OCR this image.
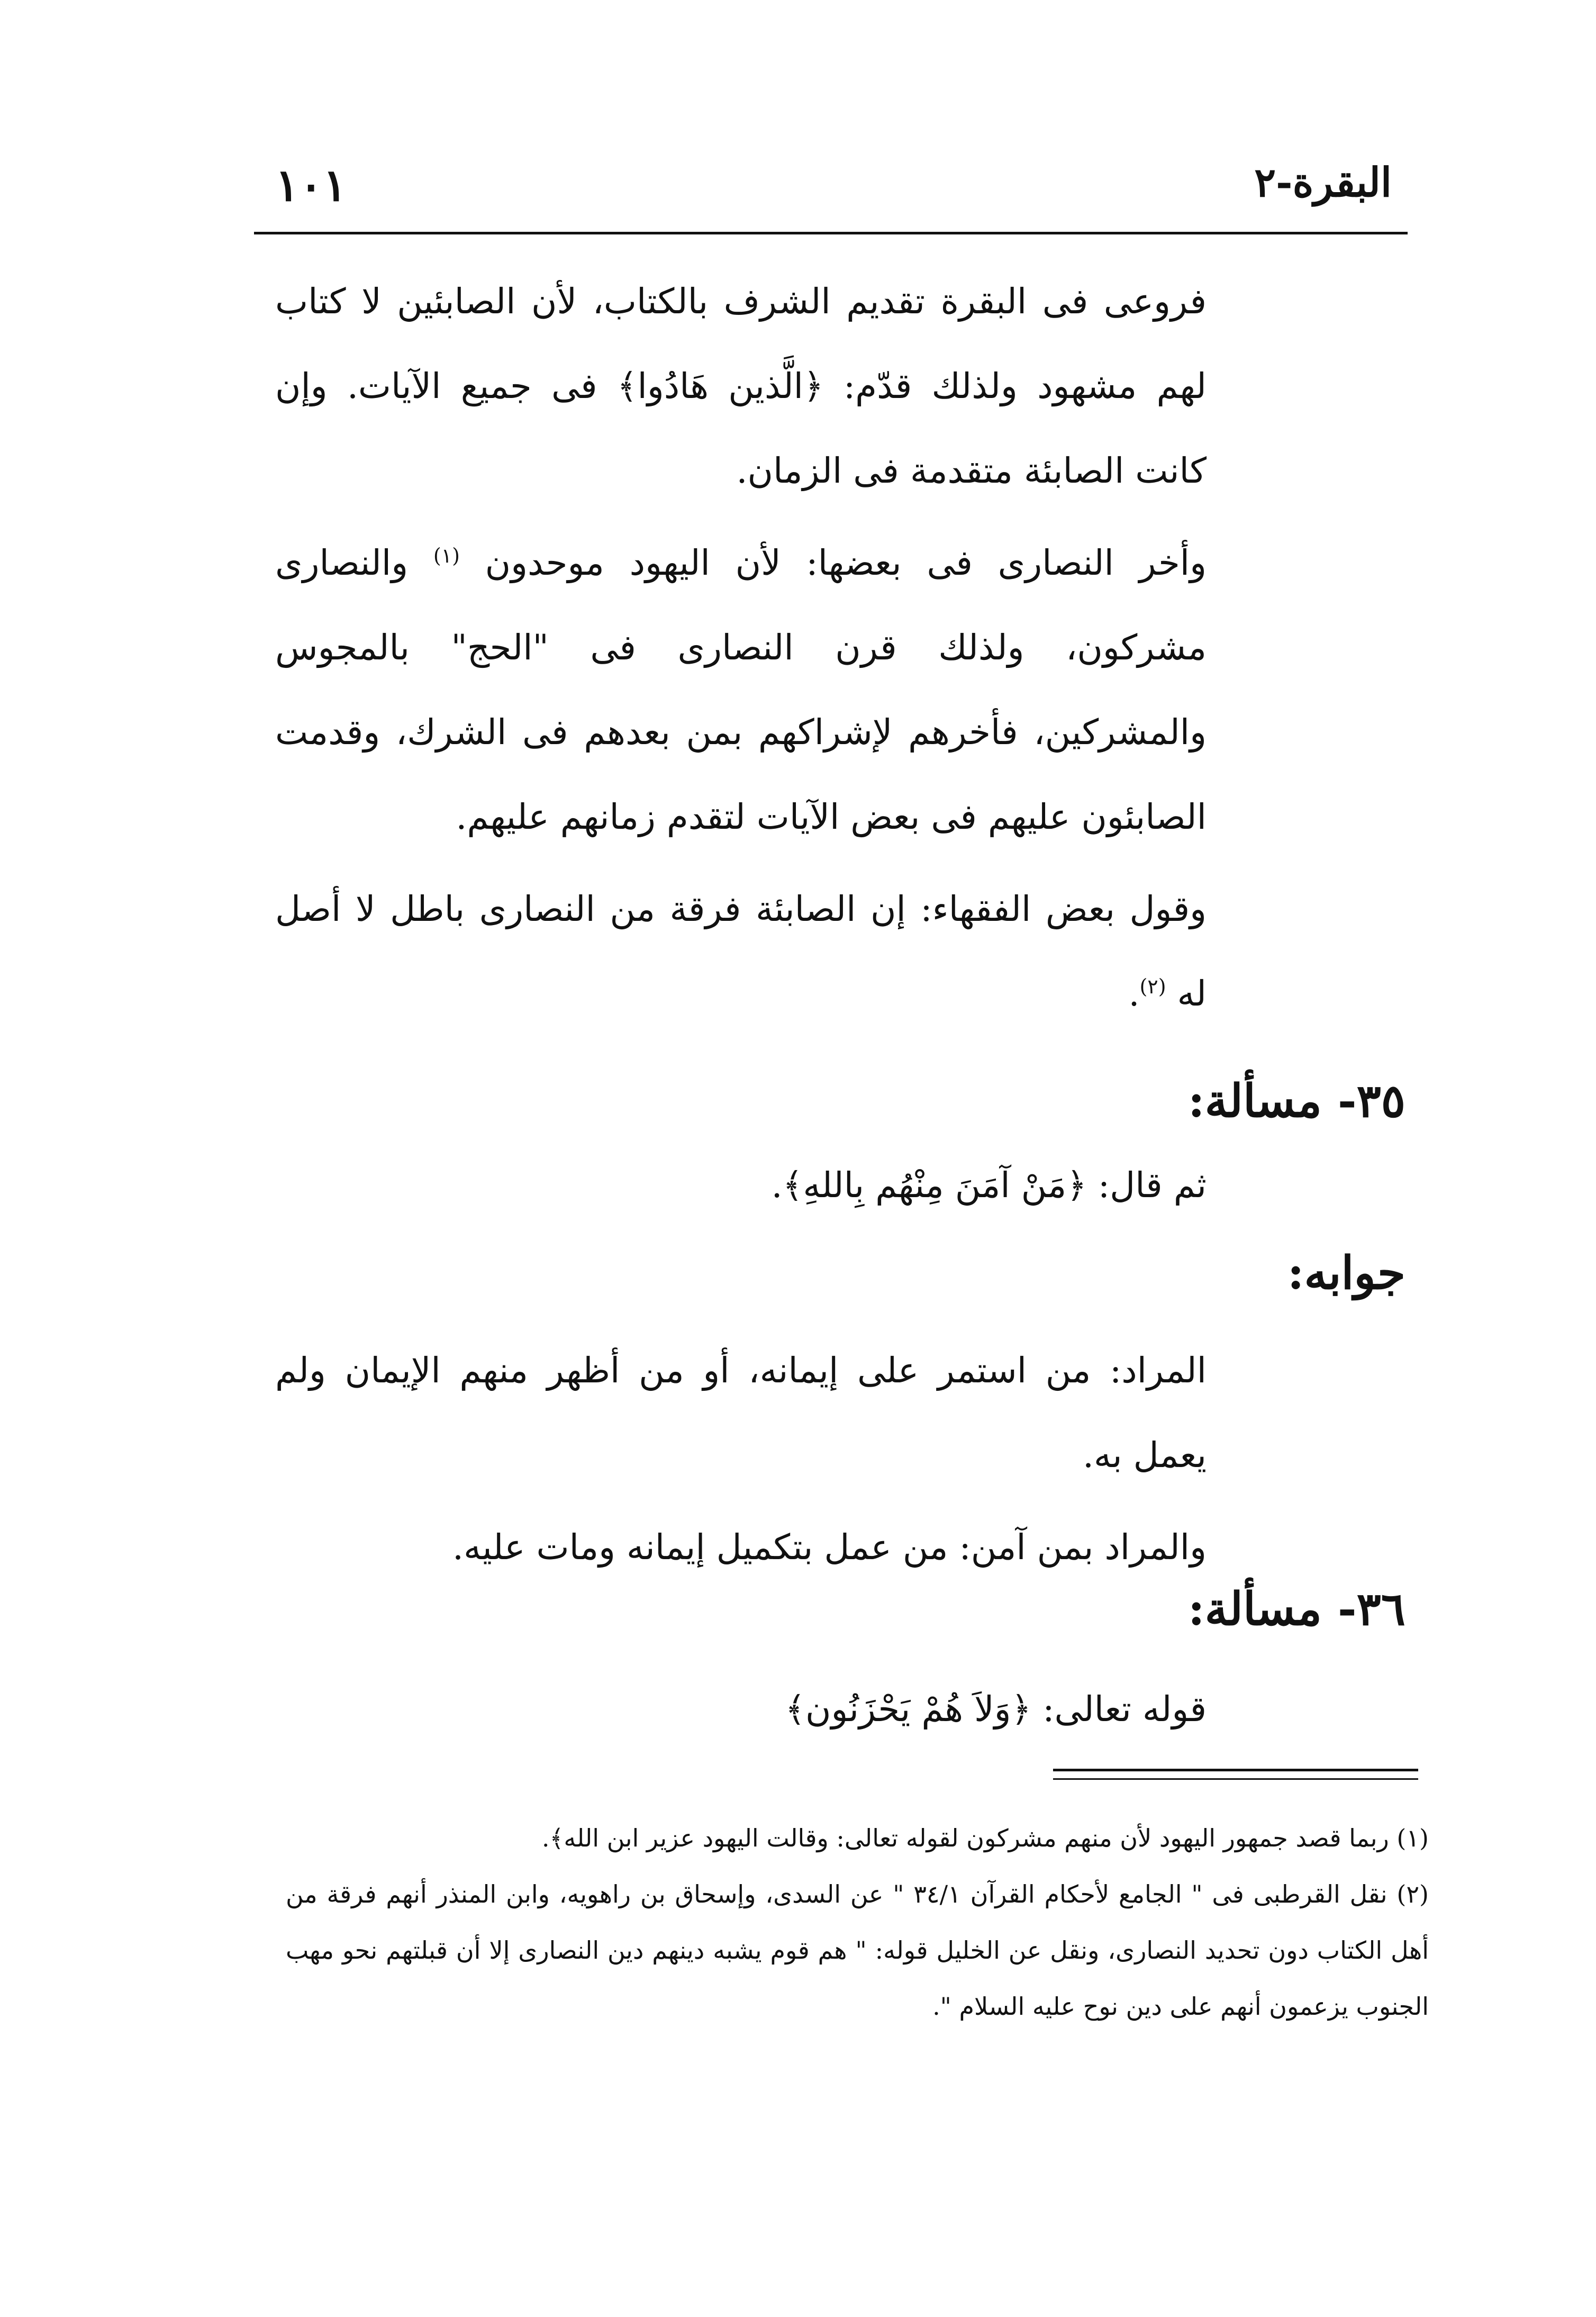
البقرة-٢
١٠١

فروعى فى البقرة تقديم الشرف بالكتاب، لأن الصابئين لا كتاب لهم مشهود ولذلك قدّم: ﴿الَّذين هَادُوا﴾ فى جميع الآيات. وإن كانت الصابئة متقدمة فى الزمان.

وأخر النصارى فى بعضها: لأن اليهود موحدون $^{(١)}$ والنصارى مشركون، ولذلك قرن النصارى فى "الحج" بالمجوس والمشركين، فأخرهم لإشراكهم بمن بعدهم فى الشرك، وقدمت الصابئون عليهم فى بعض الآيات لتقدم زمانهم عليهم.

وقول بعض الفقهاء: إن الصابئة فرقة من النصارى باطل لا أصل له $^{(٢)}$.

٣٥- مسألة:
ثم قال: ﴿مَنْ آمَنَ مِنْهُم بِاللهِ﴾.
جوابه:

المراد: من استمر على إيمانه، أو من أظهر منهم الإيمان ولم يعمل به.

والمراد بمن آمن: من عمل بتكميل إيمانه ومات عليه.

٣٦- مسألة:
قوله تعالى: ﴿وَلاَ هُمْ يَحْزَنُون﴾

(١) ربما قصد جمهور اليهود لأن منهم مشركون لقوله تعالى: وقالت اليهود عزير ابن الله﴾.

(٢) نقل القرطبى فى " الجامع لأحكام القرآن ٣٤/١ " عن السدى، وإسحاق بن راهويه، وابن المنذر أنهم فرقة من أهل الكتاب دون تحديد النصارى، ونقل عن الخليل قوله: " هم قوم يشبه دينهم دين النصارى إلا أن قبلتهم نحو مهب الجنوب يزعمون أنهم على دين نوح عليه السلام ".
